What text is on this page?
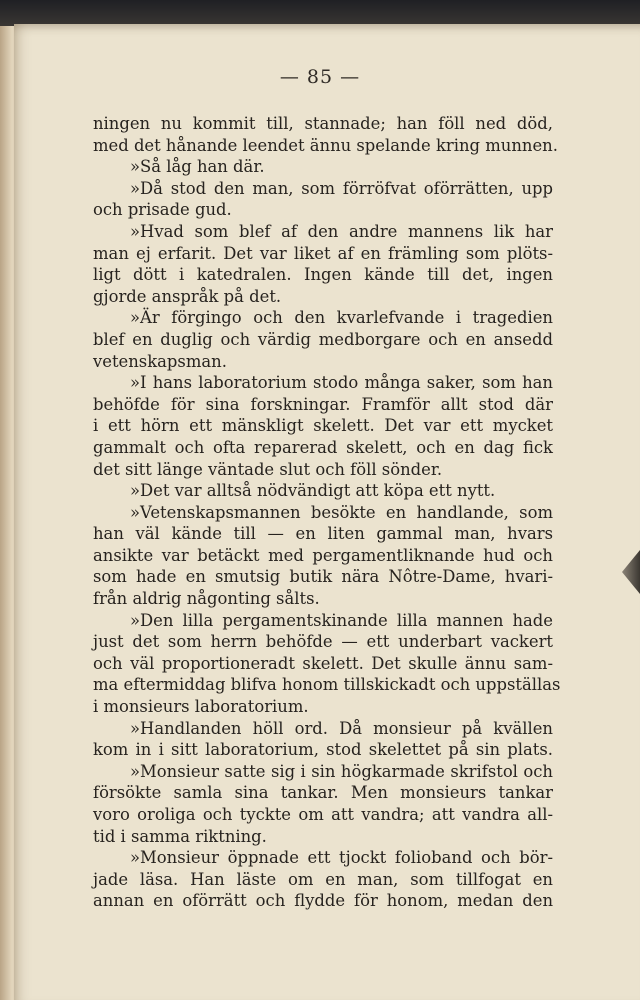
— 85 —
ningen nu kommit till, stannade; han föll ned död,
med det hånande leendet ännu spelande kring munnen.
»Så låg han där.
»Då stod den man, som förröfvat oförrätten, upp
och prisade gud.
»Hvad som blef af den andre mannens lik har
man ej erfarit. Det var liket af en främling som plöts-
ligt dött i katedralen. Ingen kände till det, ingen
gjorde anspråk på det.
»Är förgingo och den kvarlefvande i tragedien
blef en duglig och värdig medborgare och en ansedd
vetenskapsman.
»I hans laboratorium stodo många saker, som han
behöfde för sina forskningar. Framför allt stod där
i ett hörn ett mänskligt skelett. Det var ett mycket
gammalt och ofta reparerad skelett, och en dag fick
det sitt länge väntade slut och föll sönder.
»Det var alltså nödvändigt att köpa ett nytt.
»Vetenskapsmannen besökte en handlande, som
han väl kände till — en liten gammal man, hvars
ansikte var betäckt med pergamentliknande hud och
som hade en smutsig butik nära Nôtre-Dame, hvari-
från aldrig någonting sålts.
»Den lilla pergamentskinande lilla mannen hade
just det som herrn behöfde — ett underbart vackert
och väl proportioneradt skelett. Det skulle ännu sam-
ma eftermiddag blifva honom tillskickadt och uppställas
i monsieurs laboratorium.
»Handlanden höll ord. Då monsieur på kvällen
kom in i sitt laboratorium, stod skelettet på sin plats.
»Monsieur satte sig i sin högkarmade skrifstol och
försökte samla sina tankar. Men monsieurs tankar
voro oroliga och tyckte om att vandra; att vandra all-
tid i samma riktning.
»Monsieur öppnade ett tjockt folioband och bör-
jade läsa. Han läste om en man, som tillfogat en
annan en oförrätt och flydde för honom, medan den
